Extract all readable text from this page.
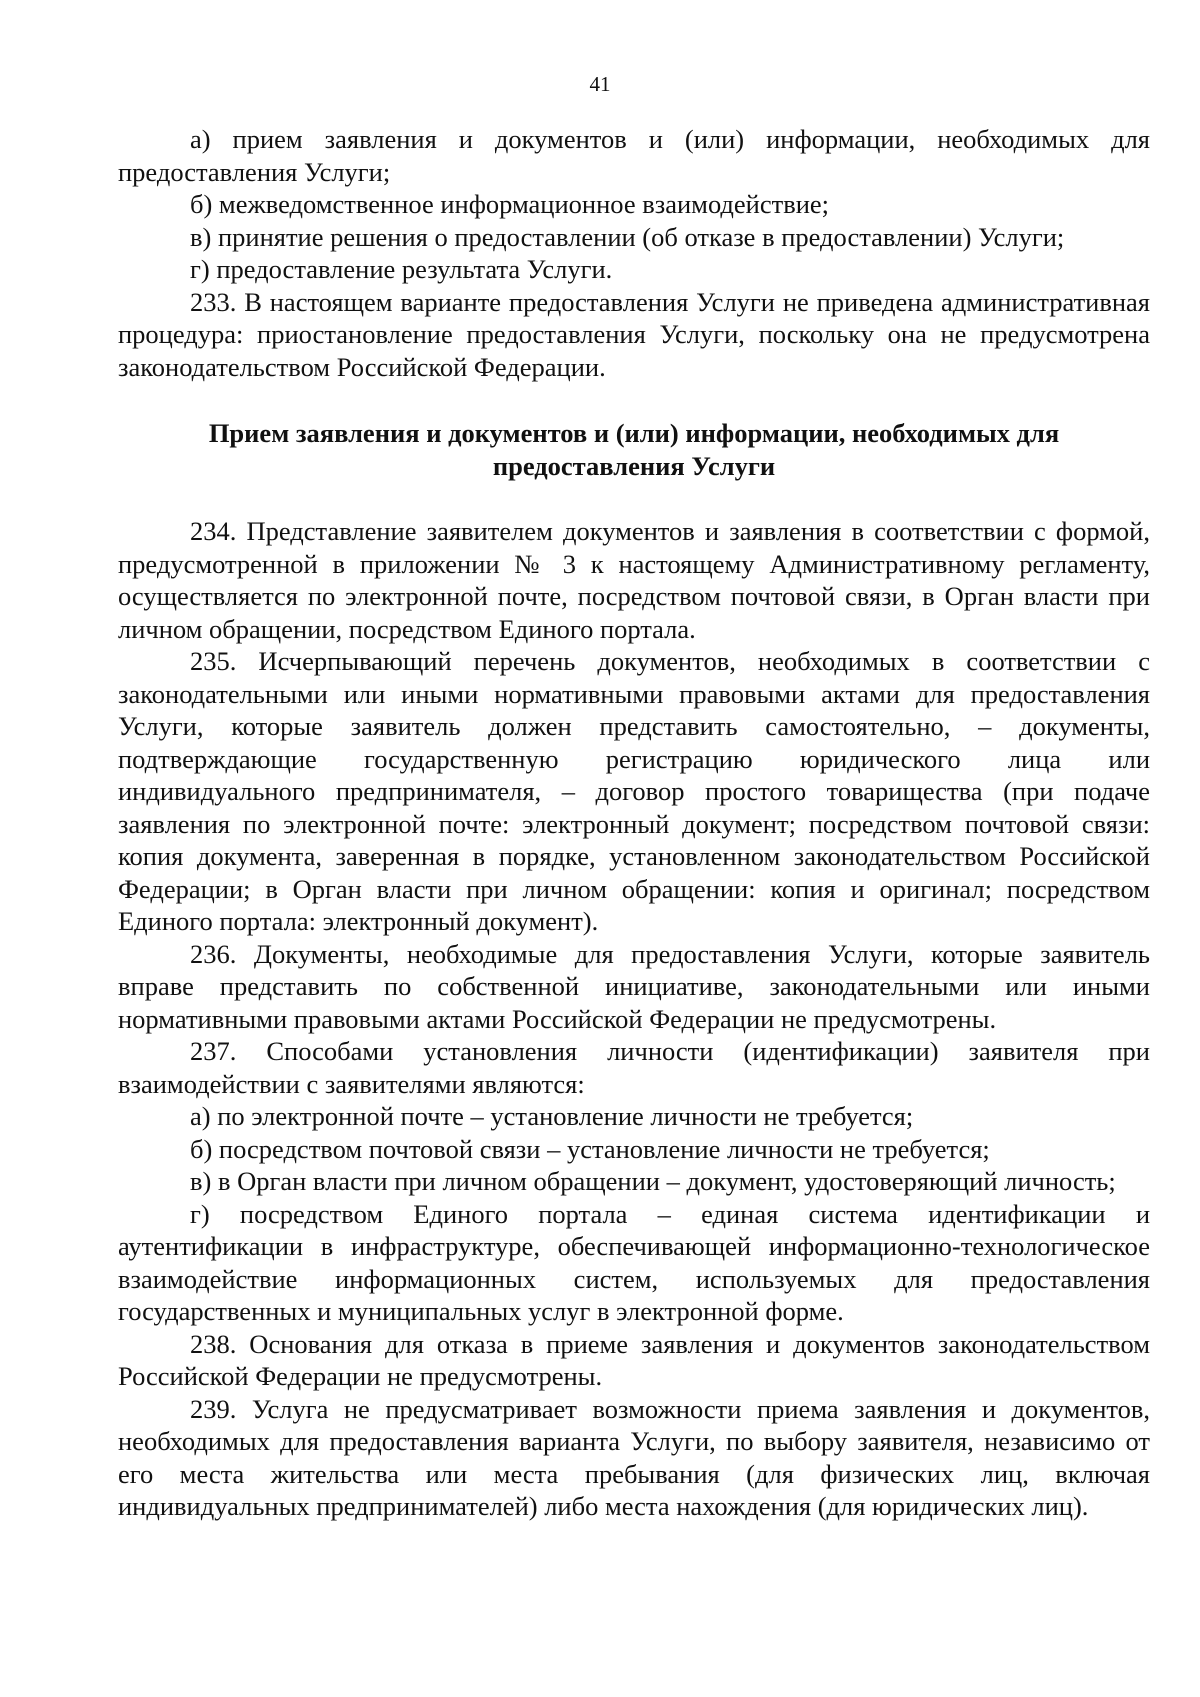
41

а) прием заявления и документов и (или) информации, необходимых для предоставления Услуги;

б) межведомственное информационное взаимодействие;

в) принятие решения о предоставлении (об отказе в предоставлении) Услуги;

г) предоставление результата Услуги.

233. В настоящем варианте предоставления Услуги не приведена административная процедура: приостановление предоставления Услуги, поскольку она не предусмотрена законодательством Российской Федерации.

Прием заявления и документов и (или) информации, необходимых для предоставления Услуги

234. Представление заявителем документов и заявления в соответствии с формой, предусмотренной в приложении № 3 к настоящему Административному регламенту, осуществляется по электронной почте, посредством почтовой связи, в Орган власти при личном обращении, посредством Единого портала.

235. Исчерпывающий перечень документов, необходимых в соответствии с законодательными или иными нормативными правовыми актами для предоставления Услуги, которые заявитель должен представить самостоятельно, – документы, подтверждающие государственную регистрацию юридического лица или индивидуального предпринимателя, – договор простого товарищества (при подаче заявления по электронной почте: электронный документ; посредством почтовой связи: копия документа, заверенная в порядке, установленном законодательством Российской Федерации; в Орган власти при личном обращении: копия и оригинал; посредством Единого портала: электронный документ).

236. Документы, необходимые для предоставления Услуги, которые заявитель вправе представить по собственной инициативе, законодательными или иными нормативными правовыми актами Российской Федерации не предусмотрены.

237. Способами установления личности (идентификации) заявителя при взаимодействии с заявителями являются:

а) по электронной почте – установление личности не требуется;

б) посредством почтовой связи – установление личности не требуется;

в) в Орган власти при личном обращении – документ, удостоверяющий личность;

г) посредством Единого портала – единая система идентификации и аутентификации в инфраструктуре, обеспечивающей информационно-технологическое взаимодействие информационных систем, используемых для предоставления государственных и муниципальных услуг в электронной форме.

238. Основания для отказа в приеме заявления и документов законодательством Российской Федерации не предусмотрены.

239. Услуга не предусматривает возможности приема заявления и документов, необходимых для предоставления варианта Услуги, по выбору заявителя, независимо от его места жительства или места пребывания (для физических лиц, включая индивидуальных предпринимателей) либо места нахождения (для юридических лиц).
